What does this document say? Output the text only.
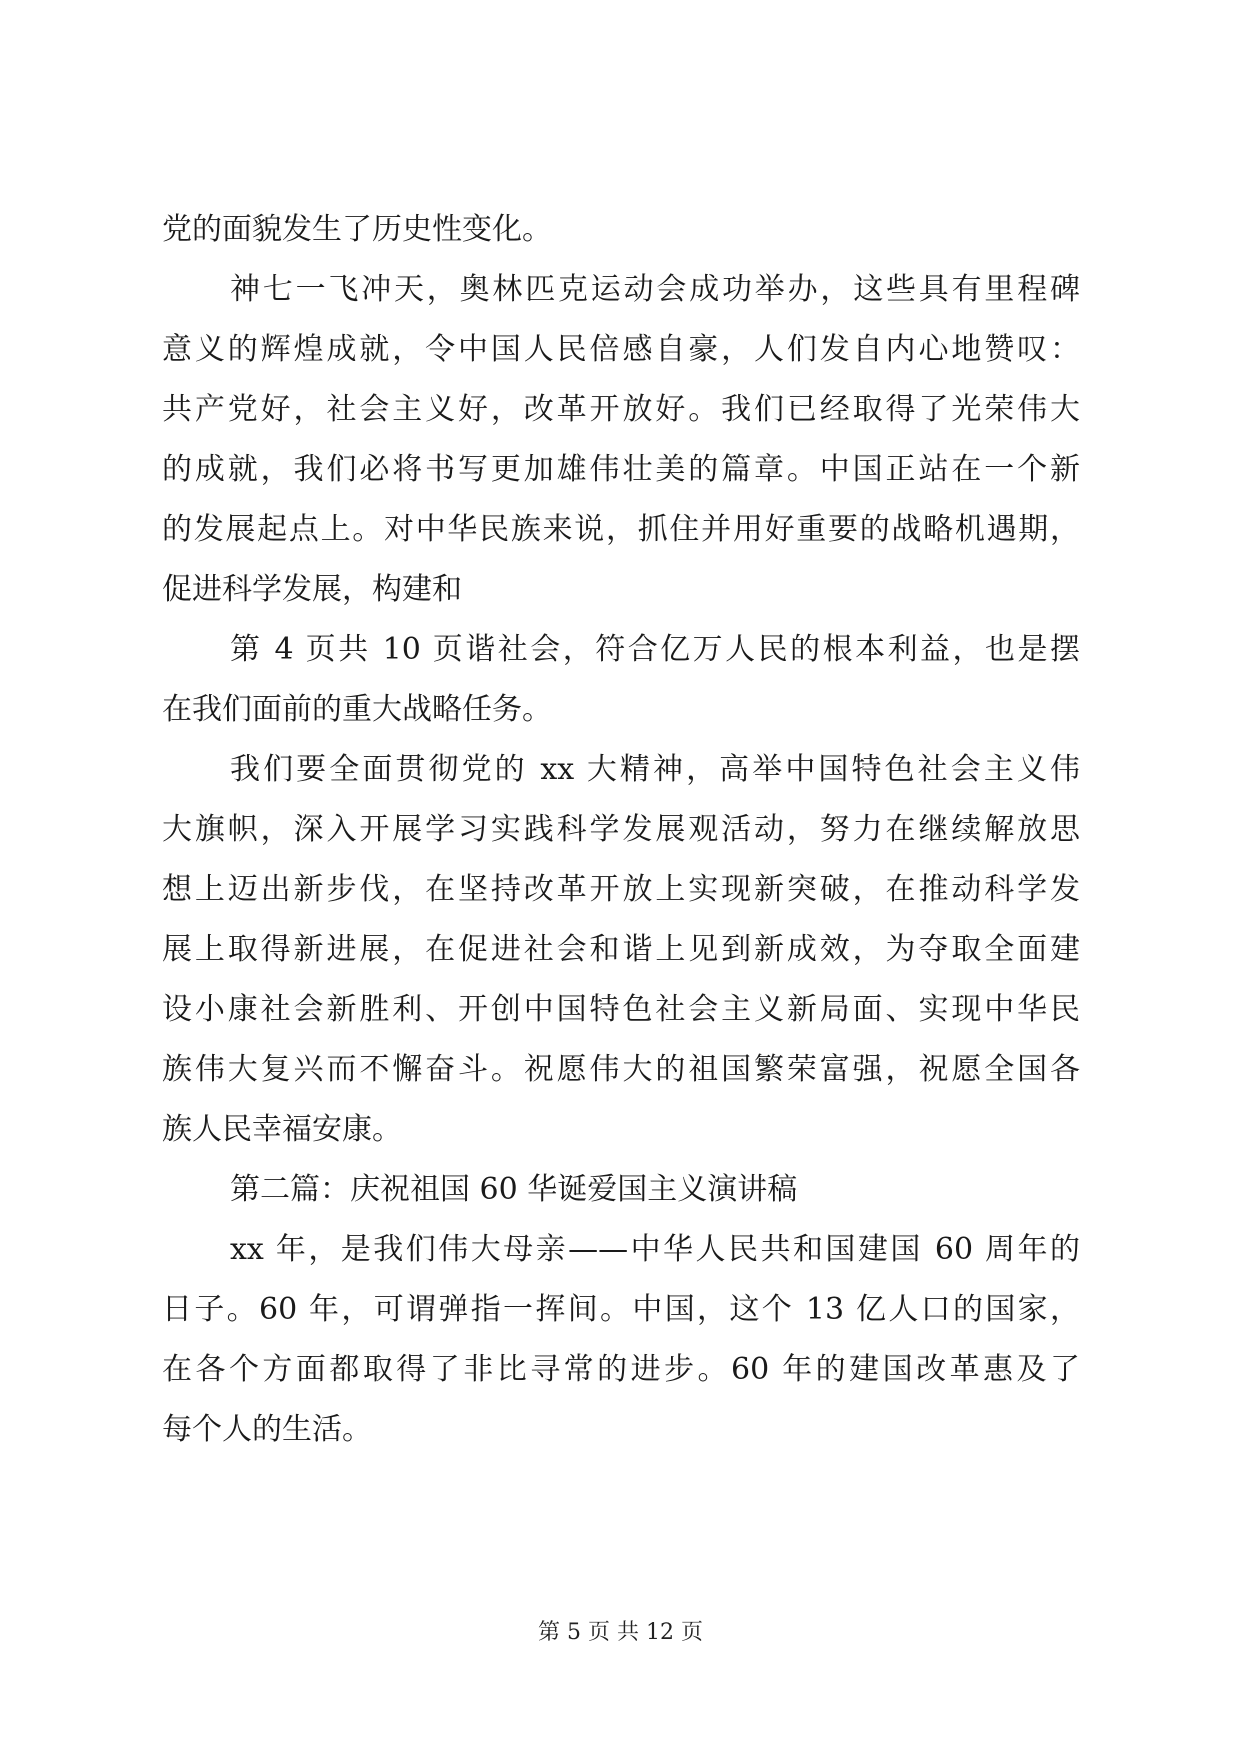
党的面貌发生了历史性变化。
神七一飞冲天，奥林匹克运动会成功举办，这些具有里程碑
意义的辉煌成就，令中国人民倍感自豪，人们发自内心地赞叹：
共产党好，社会主义好，改革开放好。我们已经取得了光荣伟大
的成就，我们必将书写更加雄伟壮美的篇章。中国正站在一个新
的发展起点上。对中华民族来说，抓住并用好重要的战略机遇期，
促进科学发展，构建和
第 4 页共 10 页谐社会，符合亿万人民的根本利益，也是摆
在我们面前的重大战略任务。
我们要全面贯彻党的 xx 大精神，高举中国特色社会主义伟
大旗帜，深入开展学习实践科学发展观活动，努力在继续解放思
想上迈出新步伐，在坚持改革开放上实现新突破，在推动科学发
展上取得新进展，在促进社会和谐上见到新成效，为夺取全面建
设小康社会新胜利、开创中国特色社会主义新局面、实现中华民
族伟大复兴而不懈奋斗。祝愿伟大的祖国繁荣富强，祝愿全国各
族人民幸福安康。
第二篇：庆祝祖国 60 华诞爱国主义演讲稿
xx 年，是我们伟大母亲——中华人民共和国建国 60 周年的
日子。60 年，可谓弹指一挥间。中国，这个 13 亿人口的国家，
在各个方面都取得了非比寻常的进步。60 年的建国改革惠及了
每个人的生活。
第 5 页 共 12 页
